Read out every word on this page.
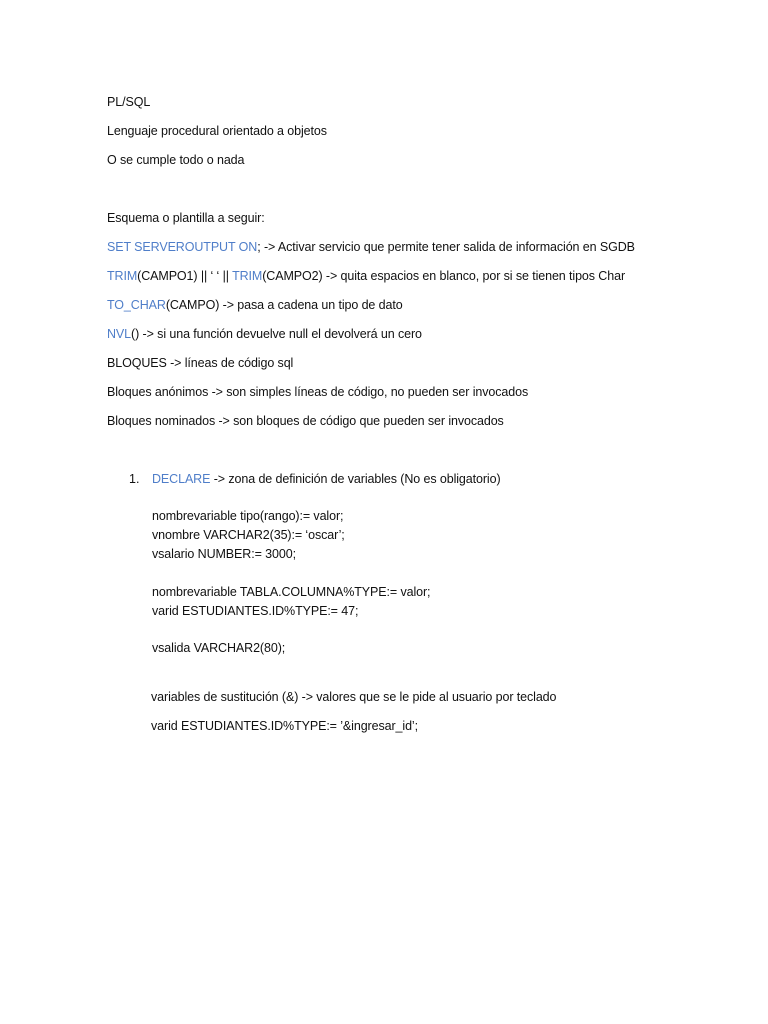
PL/SQL
Lenguaje procedural orientado a objetos
O se cumple todo o nada
Esquema o plantilla a seguir:
SET SERVEROUTPUT ON; -> Activar servicio que permite tener salida de información en SGDB
TRIM(CAMPO1) || ‘ ‘ || TRIM(CAMPO2) -> quita espacios en blanco, por si se tienen tipos Char
TO_CHAR(CAMPO) -> pasa a cadena un tipo de dato
NVL() -> si una función devuelve null el devolverá un cero
BLOQUES -> líneas de código sql
Bloques anónimos -> son simples líneas de código, no pueden ser invocados
Bloques nominados -> son bloques de código que pueden ser invocados
1. DECLARE -> zona de definición de variables (No es obligatorio)
nombrevariable tipo(rango):= valor;
vnombre VARCHAR2(35):= ‘oscar’;
vsalario NUMBER:= 3000;
nombrevariable TABLA.COLUMNA%TYPE:= valor;
varid ESTUDIANTES.ID%TYPE:= 47;
vsalida VARCHAR2(80);
variables de sustitución (&) -> valores que se le pide al usuario por teclado
varid ESTUDIANTES.ID%TYPE:= ’&ingresar_id’;
